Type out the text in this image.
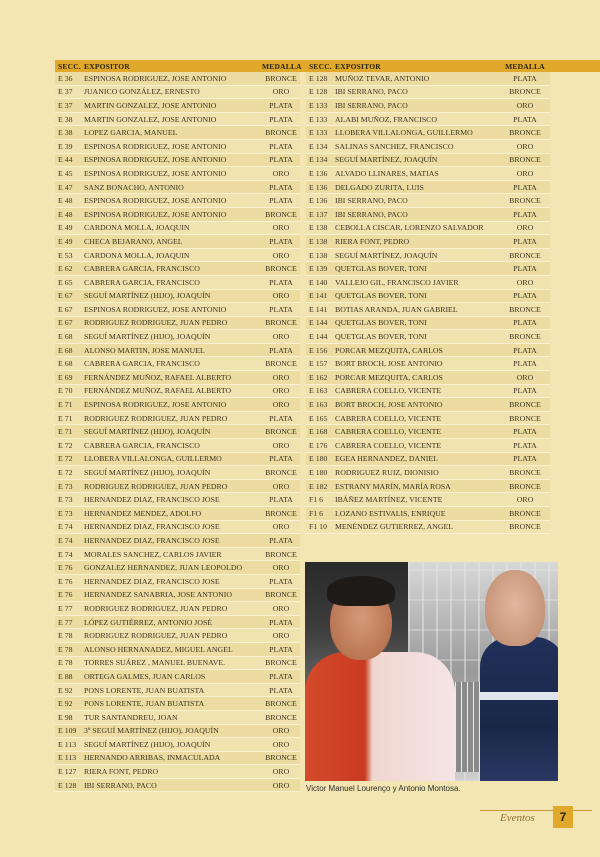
SECC. EXPOSITOR	MEDALLA
E 36	ESPINOSA RODRIGUEZ, JOSE ANTONIO	BRONCE
E 37	JUANICO GONZÁLEZ, ERNESTO	ORO
E 37	MARTIN GONZALEZ, JOSE ANTONIO	PLATA
E 38	MARTIN GONZALEZ, JOSE ANTONIO	PLATA
E 38	LOPEZ GARCIA, MANUEL	BRONCE
E 39	ESPINOSA RODRIGUEZ, JOSE ANTONIO	PLATA
E 44	ESPINOSA RODRIGUEZ, JOSE ANTONIO	PLATA
E 45	ESPINOSA RODRIGUEZ, JOSE ANTONIO	ORO
E 47	SANZ BONACHO, ANTONIO	PLATA
E 48	ESPINOSA RODRIGUEZ, JOSE ANTONIO	PLATA
E 48	ESPINOSA RODRIGUEZ, JOSE ANTONIO	BRONCE
E 49	CARDONA MOLLA, JOAQUIN	ORO
E 49	CHECA BEJARANO, ANGEL	PLATA
E 53	CARDONA MOLLA, JOAQUIN	ORO
E 62	CABRERA GARCIA, FRANCISCO	BRONCE
E 65	CABRERA GARCIA, FRANCISCO	PLATA
E 67	SEGUÍ MARTÍNEZ (HIJO), JOAQUÍN	ORO
E 67	ESPINOSA RODRIGUEZ, JOSE ANTONIO	PLATA
E 67	RODRIGUEZ RODRIGUEZ, JUAN PEDRO	BRONCE
E 68	SEGUÍ MARTÍNEZ (HIJO), JOAQUÍN	ORO
E 68	ALONSO MARTIN, JOSE MANUEL	PLATA
E 68	CABRERA GARCIA, FRANCISCO	BRONCE
E 69	FERNÁNDEZ MUÑOZ, RAFAEL ALBERTO	ORO
E 70	FERNÁNDEZ MUÑOZ, RAFAEL ALBERTO	ORO
E 71	ESPINOSA RODRIGUEZ, JOSE ANTONIO	ORO
E 71	RODRIGUEZ RODRIGUEZ, JUAN PEDRO	PLATA
E 71	SEGUÍ MARTÍNEZ (HIJO), JOAQUÍN	BRONCE
E 72	CABRERA GARCIA, FRANCISCO	ORO
E 72	LLOBERA VILLALONGA, GUILLERMO	PLATA
E 72	SEGUÍ MARTÍNEZ (HIJO), JOAQUÍN	BRONCE
E 73	RODRIGUEZ RODRIGUEZ, JUAN PEDRO	ORO
E 73	HERNANDEZ DIAZ, FRANCISCO JOSE	PLATA
E 73	HERNANDEZ MENDEZ, ADOLFO	BRONCE
E 74	HERNANDEZ DIAZ, FRANCISCO JOSE	ORO
E 74	HERNANDEZ DIAZ, FRANCISCO JOSE	PLATA
E 74	MORALES SANCHEZ, CARLOS JAVIER	BRONCE
E 76	GONZALEZ HERNANDEZ, JUAN LEOPOLDO	ORO
E 76	HERNANDEZ DIAZ, FRANCISCO JOSE	PLATA
E 76	HERNANDEZ SANABRIA, JOSE ANTONIO	BRONCE
E 77	RODRIGUEZ RODRIGUEZ, JUAN PEDRO	ORO
E 77	LÓPEZ GUTIÉRREZ, ANTONIO JOSÉ	PLATA
E 78	RODRIGUEZ RODRIGUEZ, JUAN PEDRO	ORO
E 78	ALONSO HERNANADEZ, MIGUEL ANGEL	PLATA
E 78	TORRES SUÁREZ , MANUEL BUENAVE.	BRONCE
E 88	ORTEGA GALMES, JUAN CARLOS	PLATA
E 92	PONS LORENTE, JUAN BUATISTA	PLATA
E 92	PONS LORENTE, JUAN BUATISTA	BRONCE
E 98	TUR SANTANDREU, JOAN	BRONCE
E 109 3º SEGUÍ MARTÍNEZ (HIJO), JOAQUÍN	ORO
E 113	SEGUÍ MARTÍNEZ (HIJO), JOAQUÍN	ORO
E 113	HERNANDO ARRIBAS, INMACULADA	BRONCE
E 127 RIERA FONT, PEDRO	ORO
E 128 IBI SERRANO, PACO	ORO
SECC. EXPOSITOR	MEDALLA
E 128 MUÑOZ TEVAR, ANTONIO	PLATA
E 128 IBI SERRANO, PACO	BRONCE
E 133 IBI SERRANO, PACO	ORO
E 133 ALABI MUÑOZ, FRANCISCO	PLATA
E 133 LLOBERA VILLALONGA, GUILLERMO	BRONCE
E 134 SALINAS SANCHEZ, FRANCISCO	ORO
E 134 SEGUÍ MARTÍNEZ, JOAQUÍN	BRONCE
E 136 ALVADO LLINARES, MATIAS	ORO
E 136 DELGADO ZURITA, LUIS	PLATA
E 136 IBI SERRANO, PACO	BRONCE
E 137 IBI SERRANO, PACO	PLATA
E 138 CEBOLLA CISCAR, LORENZO SALVADOR	ORO
E 138 RIERA FONT, PEDRO	PLATA
E 138 SEGUÍ MARTÍNEZ, JOAQUÍN	BRONCE
E 139 QUETGLAS BOVER, TONI	PLATA
E 140 VALLEJO GIL, FRANCISCO JAVIER	ORO
E 141 QUETGLAS BOVER, TONI	PLATA
E 141 BOTIAS ARANDA, JUAN GABRIEL	BRONCE
E 144 QUETGLAS BOVER, TONI	PLATA
E 144 QUETGLAS BOVER, TONI	BRONCE
E 156 PORCAR MEZQUITA, CARLOS	PLATA
E 157 BORT BROCH, JOSE ANTONIO	PLATA
E 162 PORCAR MEZQUITA, CARLOS	ORO
E 163 CABRERA COELLO, VICENTE	PLATA
E 163 BORT BROCH, JOSE ANTONIO	BRONCE
E 165 CABRERA COELLO, VICENTE	BRONCE
E 168 CABRERA COELLO, VICENTE	PLATA
E 176 CABRERA COELLO, VICENTE	PLATA
E 180 EGEA HERNANDEZ, DANIEL	PLATA
E 180 RODRIGUEZ RUIZ, DIONISIO	BRONCE
E 182 ESTRANY MARÍN, MARÍA ROSA	BRONCE
F1 6	IBÁÑEZ MARTÍNEZ, VICENTE	ORO
F1 6	LOZANO ESTIVALIS, ENRIQUE	BRONCE
F1 10	MENÉNDEZ GUTIERREZ, ANGEL	BRONCE
Victor Manuel Lourenço y Antonio Montosa.
Eventos	7
